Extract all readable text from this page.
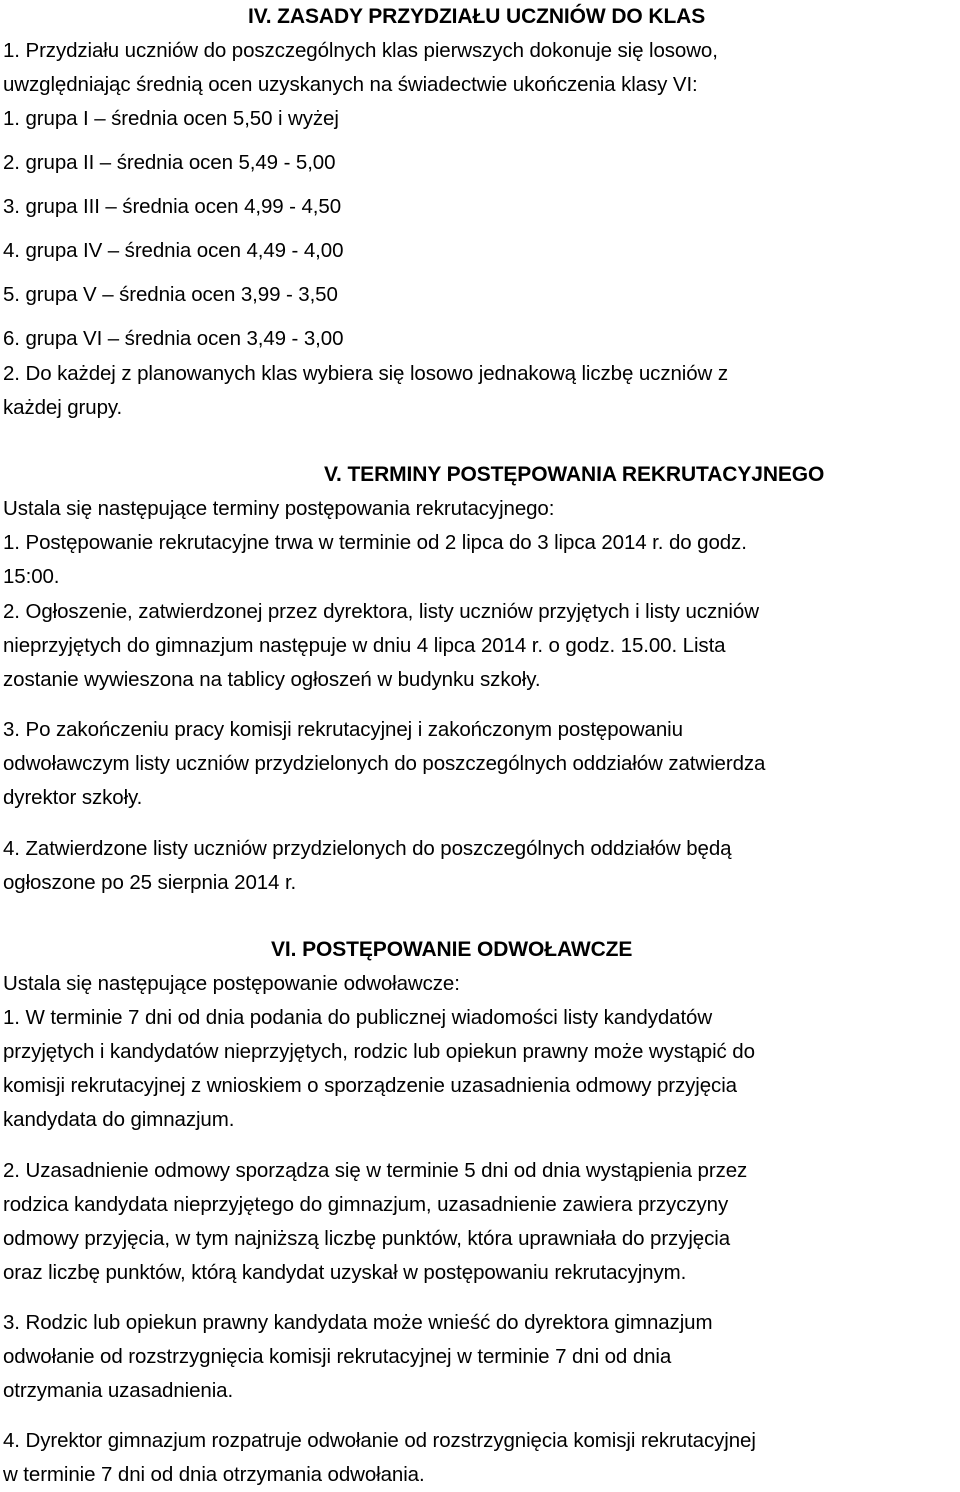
IV. ZASADY PRZYDZIAŁU UCZNIÓW DO KLAS
1. Przydziału uczniów do poszczególnych klas pierwszych dokonuje się losowo,
uwzględniając średnią ocen uzyskanych na świadectwie ukończenia klasy VI:
1. grupa I – średnia ocen 5,50 i wyżej
2. grupa II – średnia ocen 5,49 - 5,00
3. grupa III – średnia ocen 4,99 - 4,50
4. grupa IV – średnia ocen 4,49 - 4,00
5. grupa V – średnia ocen 3,99 - 3,50
6. grupa VI – średnia ocen 3,49 - 3,00
2. Do każdej z planowanych klas wybiera się losowo jednakową liczbę uczniów z
każdej grupy.
V. TERMINY POSTĘPOWANIA REKRUTACYJNEGO
Ustala się następujące terminy postępowania rekrutacyjnego:
1. Postępowanie rekrutacyjne trwa w terminie od 2 lipca do 3 lipca 2014 r. do godz.
15:00.
2. Ogłoszenie, zatwierdzonej przez dyrektora, listy uczniów przyjętych i listy uczniów
nieprzyjętych do gimnazjum następuje w dniu 4 lipca 2014 r. o godz. 15.00. Lista
zostanie wywieszona na tablicy ogłoszeń w budynku szkoły.
3. Po zakończeniu pracy komisji rekrutacyjnej i zakończonym postępowaniu
odwoławczym listy uczniów przydzielonych do poszczególnych oddziałów zatwierdza
dyrektor szkoły.
4. Zatwierdzone listy uczniów przydzielonych do poszczególnych oddziałów będą
ogłoszone po 25 sierpnia 2014 r.
VI. POSTĘPOWANIE ODWOŁAWCZE
Ustala się następujące postępowanie odwoławcze:
1. W terminie 7 dni od dnia podania do publicznej wiadomości listy kandydatów
przyjętych i kandydatów nieprzyjętych, rodzic lub opiekun prawny może wystąpić do
komisji rekrutacyjnej z wnioskiem o sporządzenie uzasadnienia odmowy przyjęcia
kandydata do gimnazjum.
2. Uzasadnienie odmowy sporządza się w terminie 5 dni od dnia wystąpienia przez
rodzica kandydata nieprzyjętego do gimnazjum, uzasadnienie zawiera przyczyny
odmowy przyjęcia, w tym najniższą liczbę punktów, która uprawniała do przyjęcia
oraz liczbę punktów, którą kandydat uzyskał w postępowaniu rekrutacyjnym.
3. Rodzic lub opiekun prawny kandydata może wnieść do dyrektora gimnazjum
odwołanie od rozstrzygnięcia komisji rekrutacyjnej w terminie 7 dni od dnia
otrzymania uzasadnienia.
4. Dyrektor gimnazjum rozpatruje odwołanie od rozstrzygnięcia komisji rekrutacyjnej
w terminie 7 dni od dnia otrzymania odwołania.
